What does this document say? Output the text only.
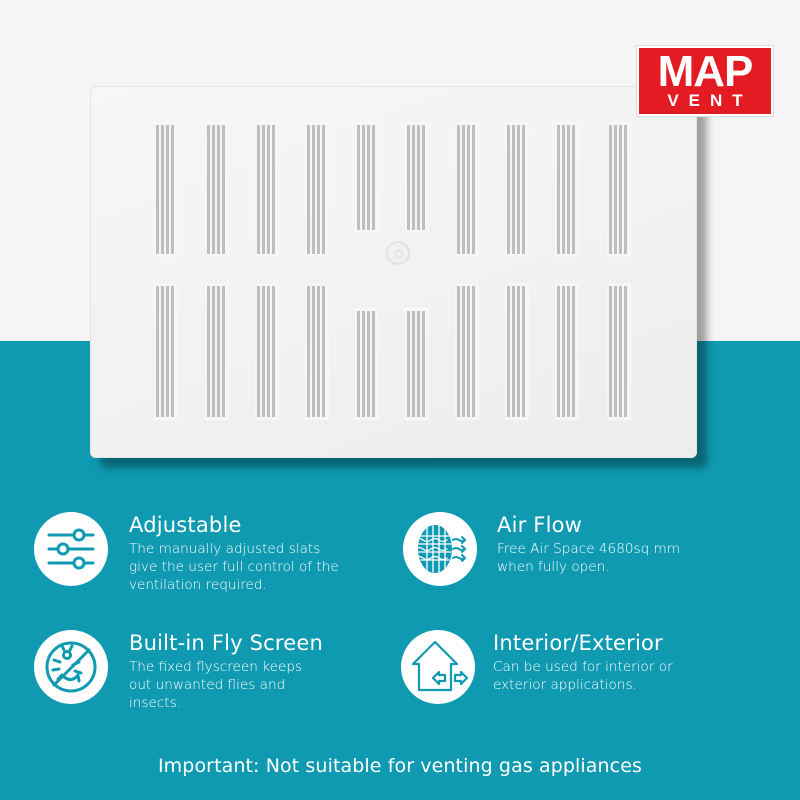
MAP
VENT
Adjustable
The manually adjusted slats
give the user full control of the
ventilation required.
Air Flow
Free Air Space 4680sq mm
when fully open.
Built-in Fly Screen
The fixed flyscreen keeps
out unwanted flies and
insects.
Interior/Exterior
Can be used for interior or
exterior applications.
Important: Not suitable for venting gas appliances
